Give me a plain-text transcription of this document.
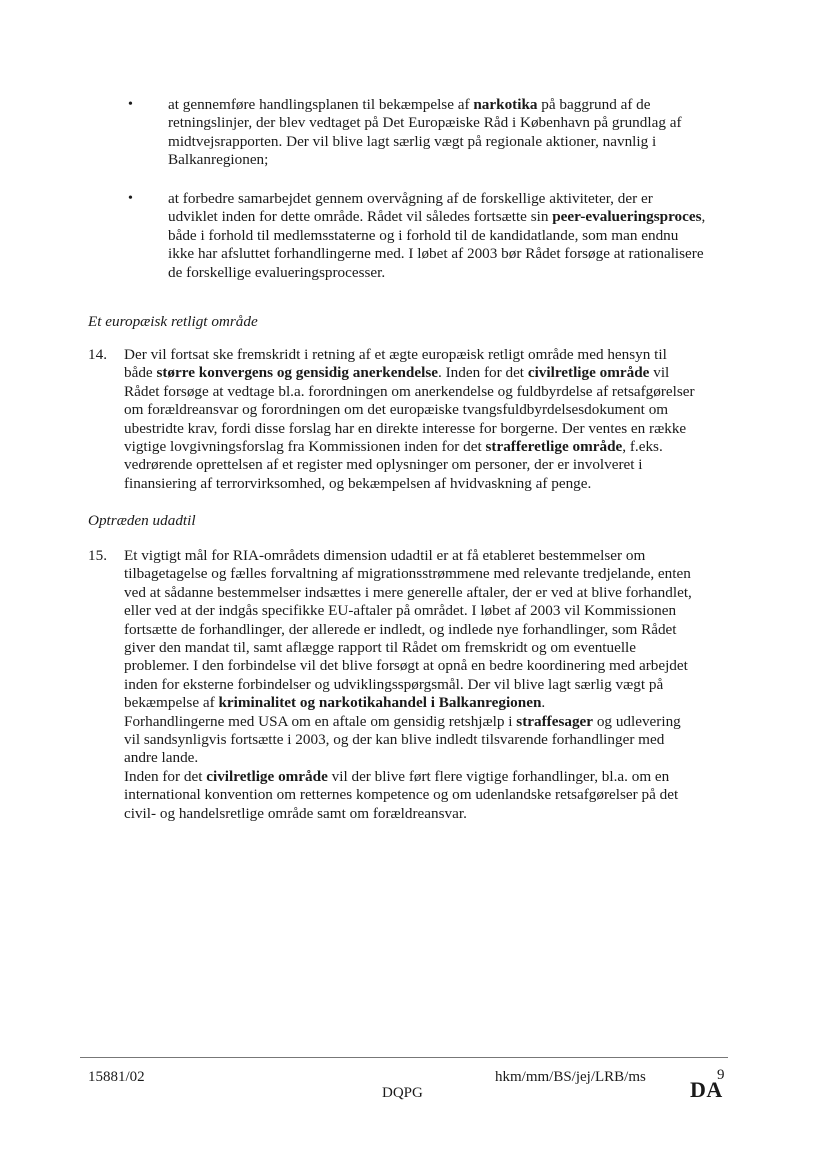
• at gennemføre handlingsplanen til bekæmpelse af narkotika på baggrund af de
retningslinjer, der blev vedtaget på Det Europæiske Råd i København på grundlag af
midtvejsrapporten. Der vil blive lagt særlig vægt på regionale aktioner, navnlig i
Balkanregionen;
• at forbedre samarbejdet gennem overvågning af de forskellige aktiviteter, der er
udviklet inden for dette område. Rådet vil således fortsætte sin peer-evalueringsproces,
både i forhold til medlemsstaterne og i forhold til de kandidatlande, som man endnu
ikke har afsluttet forhandlingerne med. I løbet af 2003 bør Rådet forsøge at rationalisere
de forskellige evalueringsprocesser.
Et europæisk retligt område
14. Der vil fortsat ske fremskridt i retning af et ægte europæisk retligt område med hensyn til
både større konvergens og gensidig anerkendelse. Inden for det civilretlige område vil
Rådet forsøge at vedtage bl.a. forordningen om anerkendelse og fuldbyrdelse af retsafgørelser
om forældreansvar og forordningen om det europæiske tvangsfuldbyrdelsesdokument om
ubestridte krav, fordi disse forslag har en direkte interesse for borgerne. Der ventes en række
vigtige lovgivningsforslag fra Kommissionen inden for det strafferetlige område, f.eks.
vedrørende oprettelsen af et register med oplysninger om personer, der er involveret i
finansiering af terrorvirksomhed, og bekæmpelsen af hvidvaskning af penge.
Optræden udadtil
15. Et vigtigt mål for RIA-områdets dimension udadtil er at få etableret bestemmelser om
tilbagetagelse og fælles forvaltning af migrationsstrømmene med relevante tredjelande, enten
ved at sådanne bestemmelser indsættes i mere generelle aftaler, der er ved at blive forhandlet,
eller ved at der indgås specifikke EU-aftaler på området. I løbet af 2003 vil Kommissionen
fortsætte de forhandlinger, der allerede er indledt, og indlede nye forhandlinger, som Rådet
giver den mandat til, samt aflægge rapport til Rådet om fremskridt og om eventuelle
problemer. I den forbindelse vil det blive forsøgt at opnå en bedre koordinering med arbejdet
inden for eksterne forbindelser og udviklingsspørgsmål. Der vil blive lagt særlig vægt på
bekæmpelse af kriminalitet og narkotikahandel i Balkanregionen.
Forhandlingerne med USA om en aftale om gensidig retshjælp i straffesager og udlevering
vil sandsynligvis fortsætte i 2003, og der kan blive indledt tilsvarende forhandlinger med
andre lande.
Inden for det civilretlige område vil der blive ført flere vigtige forhandlinger, bl.a. om en
international konvention om retternes kompetence og om udenlandske retsafgørelser på det
civil- og handelsretlige område samt om forældreansvar.
15881/02	hkm/mm/BS/jej/LRB/ms	9
DQPG	DA
